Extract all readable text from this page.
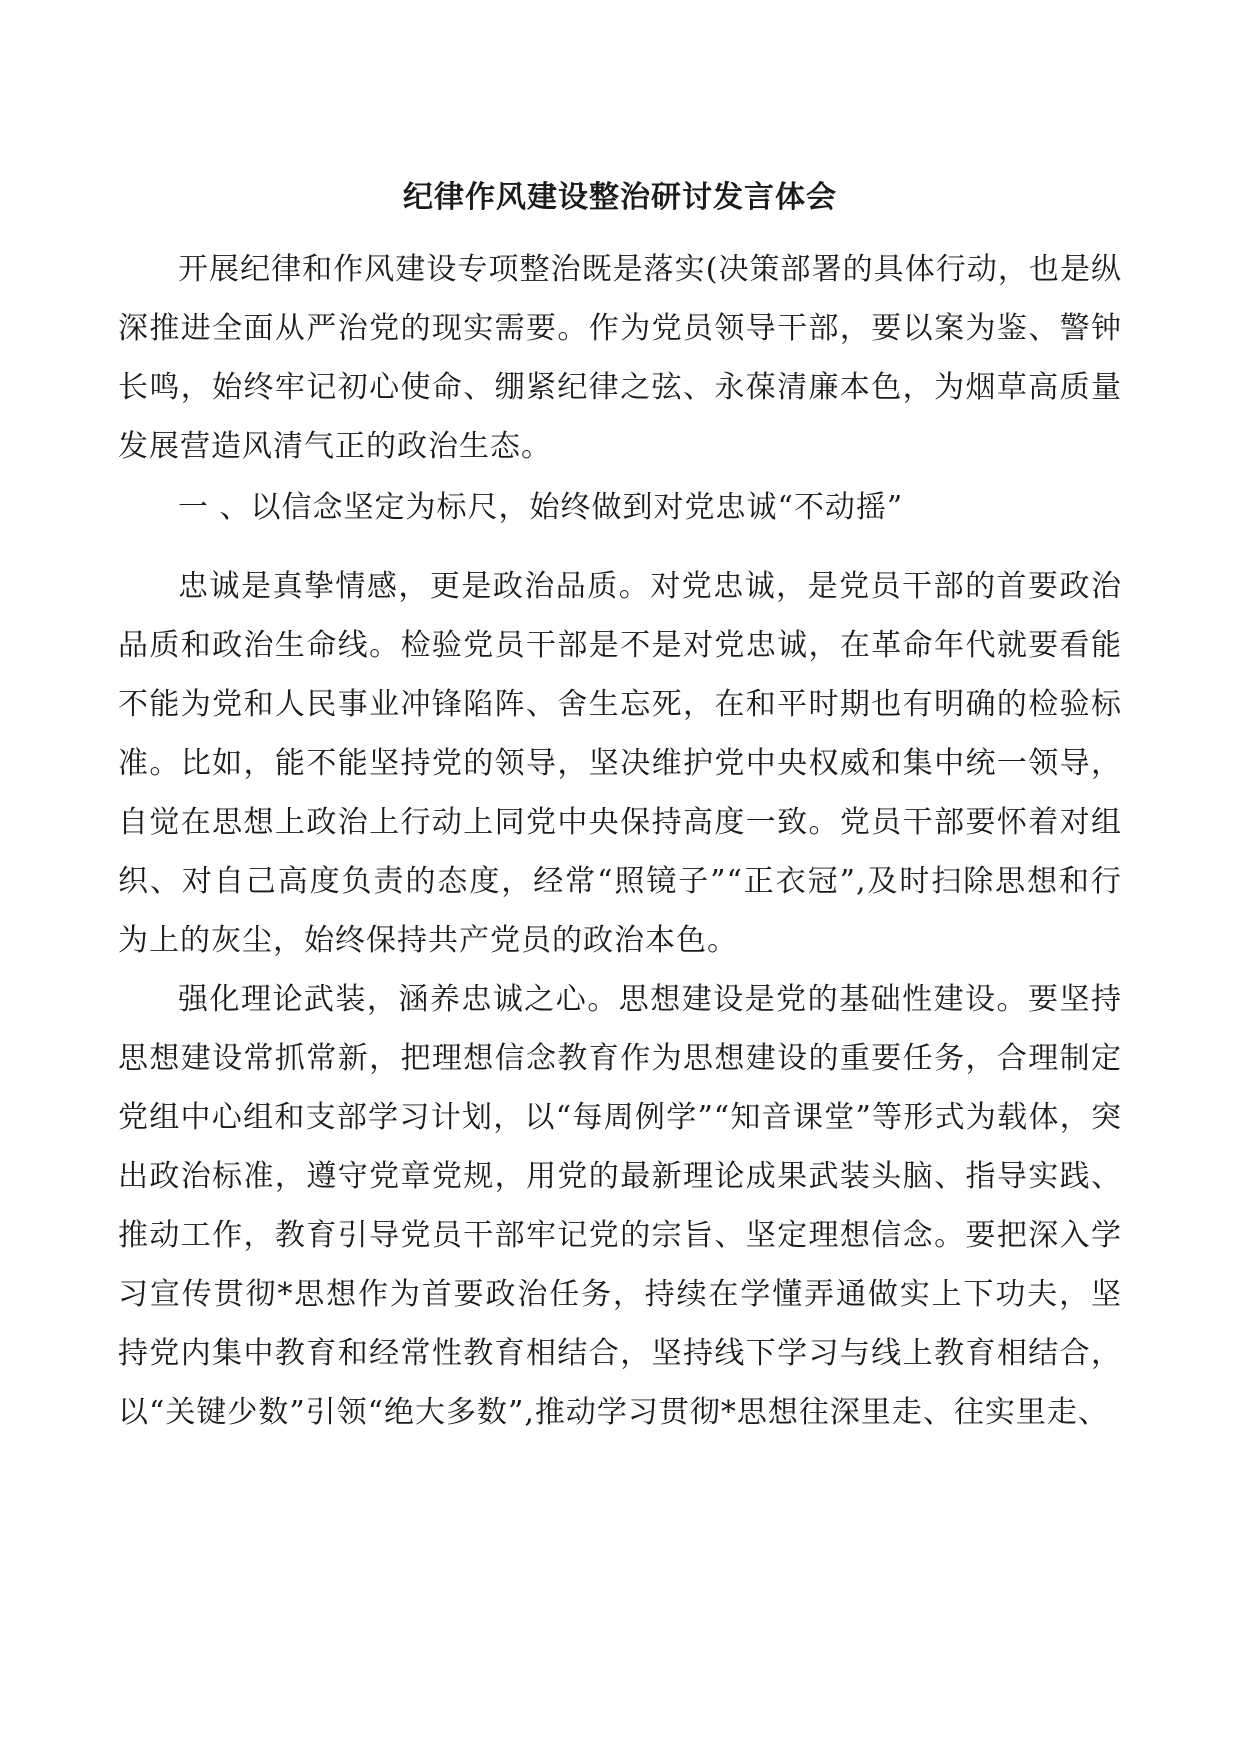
纪律作风建设整治研讨发言体会

开展纪律和作风建设专项整治既是落实(决策部署的具体行动，也是纵深推进全面从严治党的现实需要。作为党员领导干部，要以案为鉴、警钟长鸣，始终牢记初心使命、绷紧纪律之弦、永葆清廉本色，为烟草高质量发展营造风清气正的政治生态。

一 、以信念坚定为标尺，始终做到对党忠诚“不动摇”

忠诚是真挚情感，更是政治品质。对党忠诚，是党员干部的首要政治品质和政治生命线。检验党员干部是不是对党忠诚，在革命年代就要看能不能为党和人民事业冲锋陷阵、舍生忘死，在和平时期也有明确的检验标准。比如，能不能坚持党的领导，坚决维护党中央权威和集中统一领导，自觉在思想上政治上行动上同党中央保持高度一致。党员干部要怀着对组织、对自己高度负责的态度，经常“照镜子”“正衣冠”,及时扫除思想和行为上的灰尘，始终保持共产党员的政治本色。

强化理论武装，涵养忠诚之心。思想建设是党的基础性建设。要坚持思想建设常抓常新，把理想信念教育作为思想建设的重要任务，合理制定党组中心组和支部学习计划，以“每周例学”“知音课堂”等形式为载体，突出政治标准，遵守党章党规，用党的最新理论成果武装头脑、指导实践、推动工作，教育引导党员干部牢记党的宗旨、坚定理想信念。要把深入学习宣传贯彻*思想作为首要政治任务，持续在学懂弄通做实上下功夫，坚持党内集中教育和经常性教育相结合，坚持线下学习与线上教育相结合，以“关键少数”引领“绝大多数”,推动学习贯彻*思想往深里走、往实里走、
